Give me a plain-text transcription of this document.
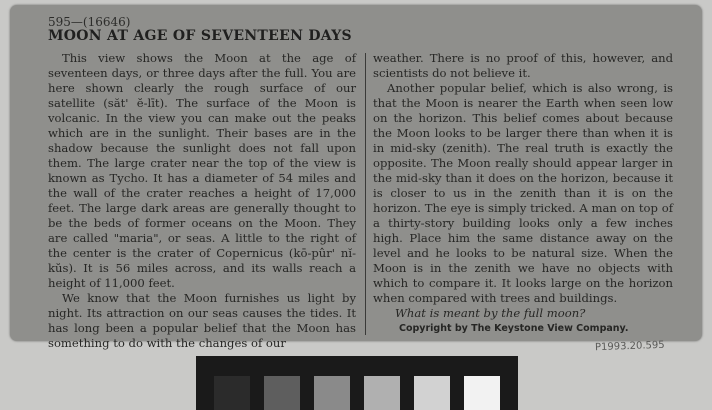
595—(16646)
MOON AT AGE OF SEVENTEEN DAYS

This view shows the Moon at the age of seventeen days, or three days after the full. You are here shown clearly the rough surface of our satellite (săt' ĕ-līt). The surface of the Moon is volcanic. In the view you can make out the peaks which are in the sunlight. Their bases are in the shadow because the sunlight does not fall upon them. The large crater near the top of the view is known as Tycho. It has a diameter of 54 miles and the wall of the crater reaches a height of 17,000 feet. The large dark areas are generally thought to be the beds of former oceans on the Moon. They are called "maria", or seas. A little to the right of the center is the crater of Copernicus (kō-pûr' nĭ-kŭs). It is 56 miles across, and its walls reach a height of 11,000 feet.

We know that the Moon furnishes us light by night. Its attraction on our seas causes the tides. It has long been a popular belief that the Moon has something to do with the changes of our

weather. There is no proof of this, however, and scientists do not believe it.

Another popular belief, which is also wrong, is that the Moon is nearer the Earth when seen low on the horizon. This belief comes about because the Moon looks to be larger there than when it is in mid-sky (zenith). The real truth is exactly the opposite. The Moon really should appear larger in the mid-sky than it does on the horizon, because it is closer to us in the zenith than it is on the horizon. The eye is simply tricked. A man on top of a thirty-story building looks only a few inches high. Place him the same distance away on the level and he looks to be natural size. When the Moon is in the zenith we have no objects with which to compare it. It looks large on the horizon when compared with trees and buildings.

What is meant by the full moon?
Copyright by The Keystone View Company.
P1993.20.595
